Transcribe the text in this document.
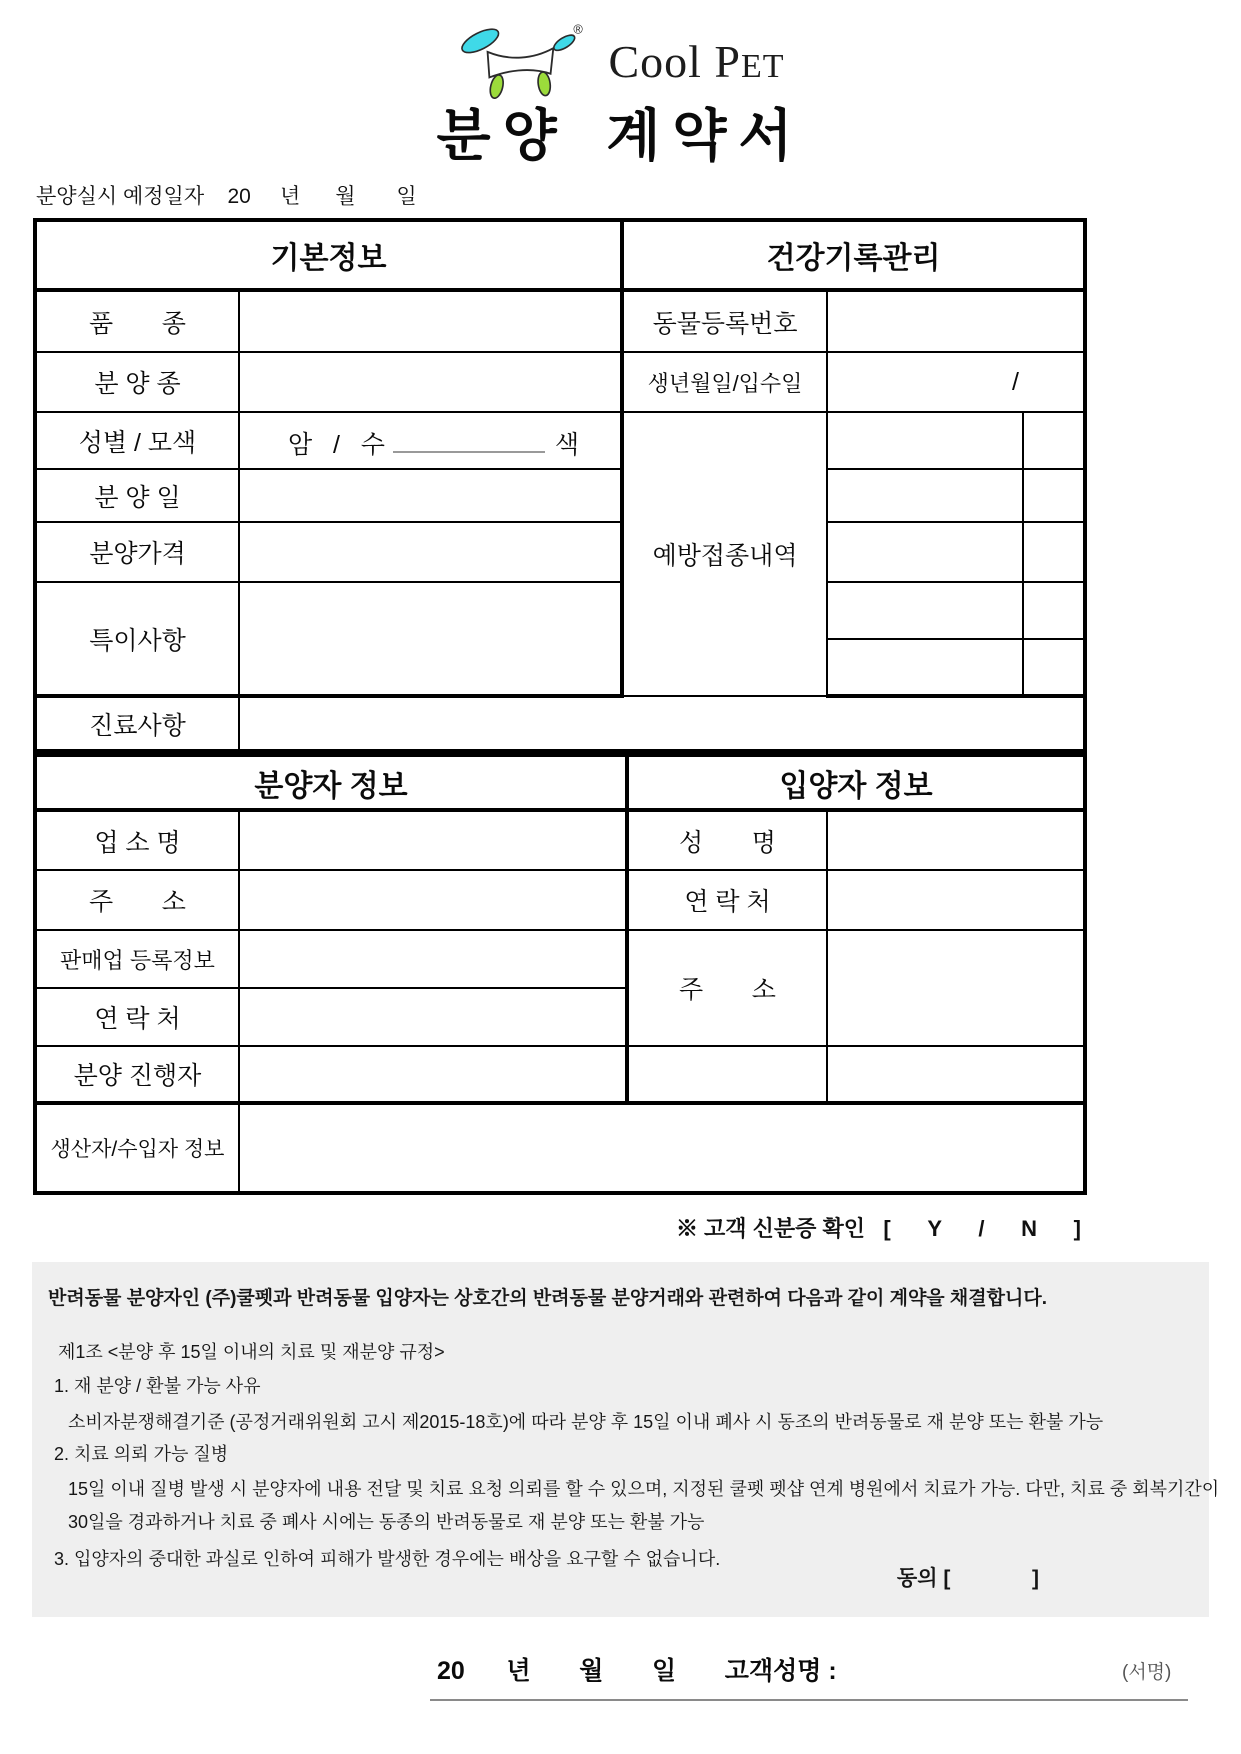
®
Cool PET
분양 계약서
분양실시 예정일자    20     년      월       일
기본정보		건강기록관리		
품       종		동물등록번호		
분 양 종		생년월일/입수일	/	
성별 / 모색	암   /   수 색	예방접종내역		
분 양 일				
분양가격				
특이사항				

진료사항				
분양자 정보		입양자 정보	
업 소 명		성       명	
주       소		연 락 처	
판매업 등록정보		주       소	
연 락 처			
분양 진행자			
생산자/수입자 정보			
※ 고객 신분증 확인   [      Y      /      N      ]
반려동물 분양자인 (주)쿨펫과 반려동물 입양자는 상호간의 반려동물 분양거래와 관련하여 다음과 같이 계약을 채결합니다.
제1조 <분양 후 15일 이내의 치료 및 재분양 규정>
1. 재 분양 / 환불 가능 사유
소비자분쟁해결기준 (공정거래위원회 고시 제2015-18호)에 따라 분양 후 15일 이내 폐사 시 동조의 반려동물로 재 분양 또는 환불 가능
2. 치료 의뢰 가능 질병
15일 이내 질병 발생 시 분양자에 내용 전달 및 치료 요청 의뢰를 할 수 있으며, 지정된 쿨펫 펫샵 연계 병원에서 치료가 가능. 다만, 치료 중 회복기간이
30일을 경과하거나 치료 중 폐사 시에는 동종의 반려동물로 재 분양 또는 환불 가능
3. 입양자의 중대한 과실로 인하여 피해가 발생한 경우에는 배상을 요구할 수 없습니다.
동의 [              ]
20      년       월       일       고객성명 :	(서명)
